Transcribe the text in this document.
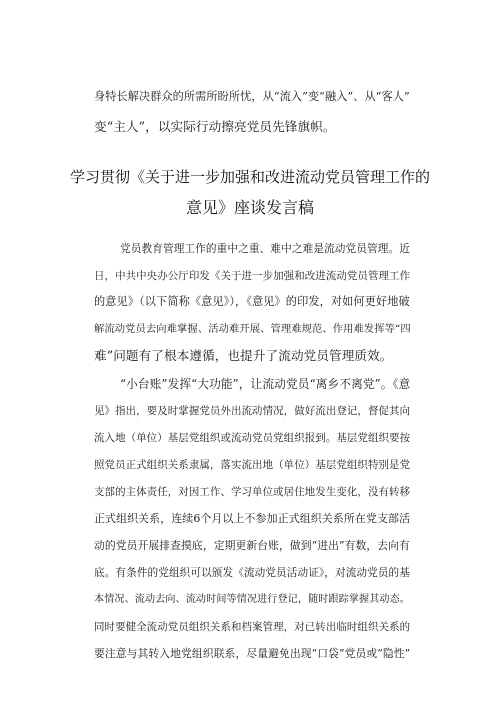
身特长解决群众的所需所盼所忧，从“流入”变“融入”、从“客人”
变“主人”，以实际行动擦亮党员先锋旗帜。
学习贯彻《关于进一步加强和改进流动党员管理工作的
意见》座谈发言稿
党员教育管理工作的重中之重、难中之难是流动党员管理。近
日，中共中央办公厅印发《关于进一步加强和改进流动党员管理工作
的意见》（以下简称《意见》），《意见》的印发，对如何更好地破
解流动党员去向难掌握、活动难开展、管理难规范、作用难发挥等“四
难”问题有了根本遵循，也提升了流动党员管理质效。
“小台账”发挥“大功能”，让流动党员“离乡不离党”。《意
见》指出，要及时掌握党员外出流动情况，做好流出登记，督促其向
流入地（单位）基层党组织或流动党员党组织报到。基层党组织要按
照党员正式组织关系隶属，落实流出地（单位）基层党组织特别是党
支部的主体责任，对因工作、学习单位或居住地发生变化，没有转移
正式组织关系，连续6个月以上不参加正式组织关系所在党支部活
动的党员开展排查摸底，定期更新台账，做到“进出”有数，去向有
底。有条件的党组织可以颁发《流动党员活动证》，对流动党员的基
本情况、流动去向、流动时间等情况进行登记，随时跟踪掌握其动态。
同时要健全流动党员组织关系和档案管理，对已转出临时组织关系的
要注意与其转入地党组织联系，尽量避免出现“口袋”党员或“隐性”
